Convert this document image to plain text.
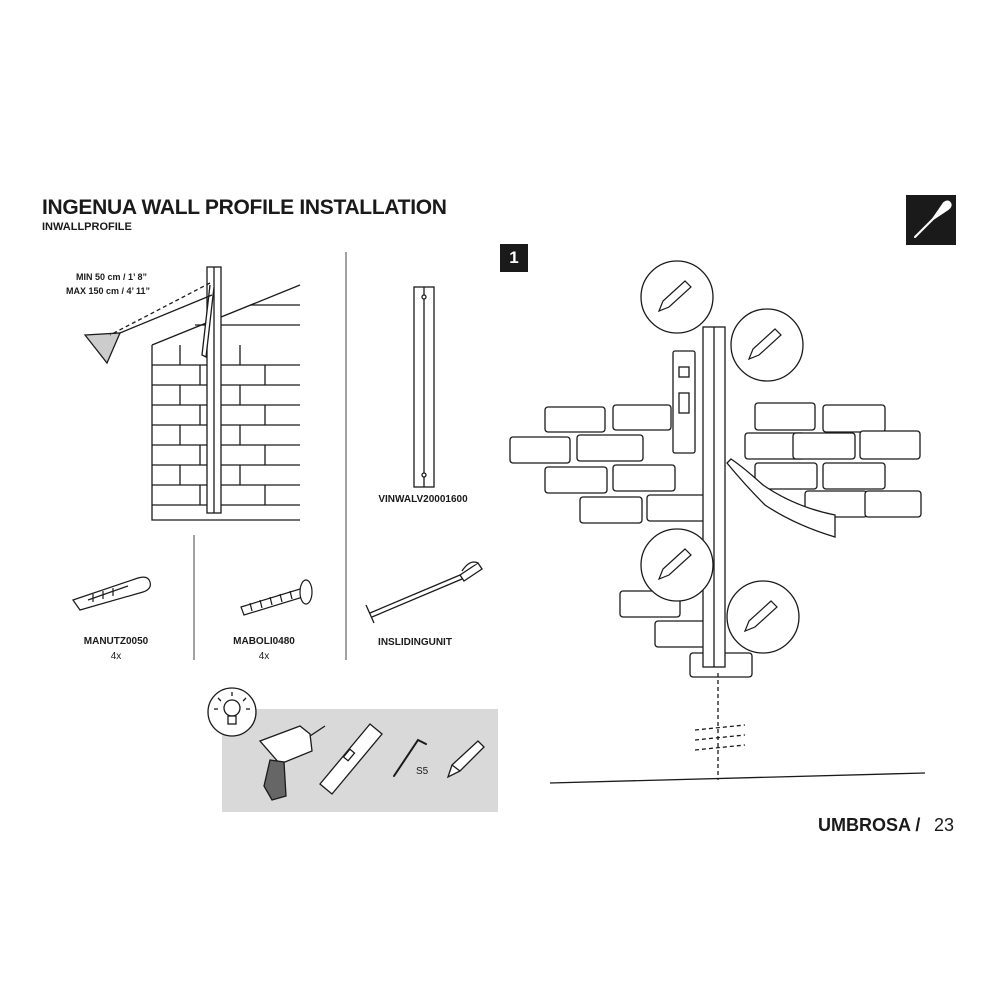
INGENUA WALL PROFILE INSTALLATION
INWALLPROFILE
MIN 50 cm / 1’ 8”
MAX 150 cm / 4’ 11”
VINWALV20001600
MANUTZ0050
4x
MABOLI0480
4x
INSLIDINGUNIT
S5
1
UMBROSA / 23
